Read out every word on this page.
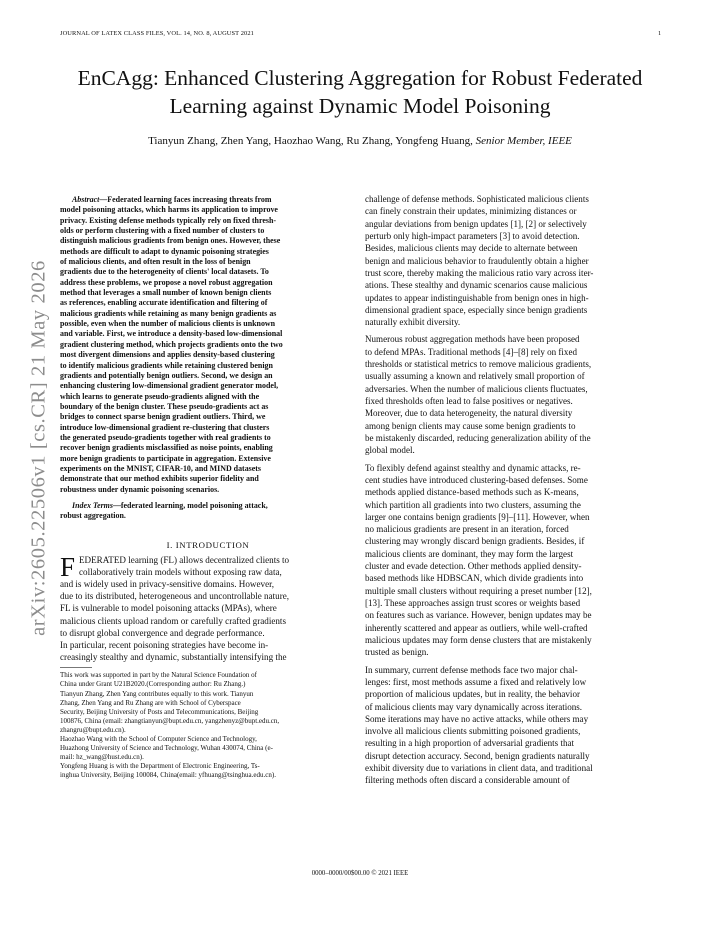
JOURNAL OF LATEX CLASS FILES, VOL. 14, NO. 8, AUGUST 2021	1
EnCAgg: Enhanced Clustering Aggregation for Robust Federated
Learning against Dynamic Model Poisoning
Tianyun Zhang, Zhen Yang, Haozhao Wang, Ru Zhang, Yongfeng Huang, Senior Member, IEEE
arXiv:2605.22506v1 [cs.CR] 21 May 2026
Abstract—Federated learning faces increasing threats from
model poisoning attacks, which harms its application to improve
privacy. Existing defense methods typically rely on fixed thresh-
olds or perform clustering with a fixed number of clusters to
distinguish malicious gradients from benign ones. However, these
methods are difficult to adapt to dynamic poisoning strategies
of malicious clients, and often result in the loss of benign
gradients due to the heterogeneity of clients' local datasets. To
address these problems, we propose a novel robust aggregation
method that leverages a small number of known benign clients
as references, enabling accurate identification and filtering of
malicious gradients while retaining as many benign gradients as
possible, even when the number of malicious clients is unknown
and variable. First, we introduce a density-based low-dimensional
gradient clustering method, which projects gradients onto the two
most divergent dimensions and applies density-based clustering
to identify malicious gradients while retaining clustered benign
gradients and potentially benign outliers. Second, we design an
enhancing clustering low-dimensional gradient generator model,
which learns to generate pseudo-gradients aligned with the
boundary of the benign cluster. These pseudo-gradients act as
bridges to connect sparse benign gradient outliers. Third, we
introduce low-dimensional gradient re-clustering that clusters
the generated pseudo-gradients together with real gradients to
recover benign gradients misclassified as noise points, enabling
more benign gradients to participate in aggregation. Extensive
experiments on the MNIST, CIFAR-10, and MIND datasets
demonstrate that our method exhibits superior fidelity and
robustness under dynamic poisoning scenarios.
Index Terms—federated learning, model poisoning attack,
robust aggregation.
I. INTRODUCTION
F EDERATED learning (FL) allows decentralized clients to
collaboratively train models without exposing raw data,
and is widely used in privacy-sensitive domains. However,
due to its distributed, heterogeneous and uncontrollable nature,
FL is vulnerable to model poisoning attacks (MPAs), where
malicious clients upload random or carefully crafted gradients
to disrupt global convergence and degrade performance.
In particular, recent poisoning strategies have become in-
creasingly stealthy and dynamic, substantially intensifying the
This work was supported in part by the Natural Science Foundation of
China under Grant U21B2020.(Corresponding author: Ru Zhang.)
Tianyun Zhang, Zhen Yang contributes equally to this work. Tianyun
Zhang, Zhen Yang and Ru Zhang are with School of Cyberspace
Security, Beijing University of Posts and Telecommunications, Beijing
100876, China (email: zhangtianyun@bupt.edu.cn, yangzhenyz@bupt.edu.cn,
zhangru@bupt.edu.cn).
Haozhao Wang with the School of Computer Science and Technology,
Huazhong University of Science and Technology, Wuhan 430074, China (e-
mail: hz_wang@hust.edu.cn).
Yongfeng Huang is with the Department of Electronic Engineering, Ts-
inghua University, Beijing 100084, China(email: yfhuang@tsinghua.edu.cn).
challenge of defense methods. Sophisticated malicious clients
can finely constrain their updates, minimizing distances or
angular deviations from benign updates [1], [2] or selectively
perturb only high-impact parameters [3] to avoid detection.
Besides, malicious clients may decide to alternate between
benign and malicious behavior to fraudulently obtain a higher
trust score, thereby making the malicious ratio vary across iter-
ations. These stealthy and dynamic scenarios cause malicious
updates to appear indistinguishable from benign ones in high-
dimensional gradient space, especially since benign gradients
naturally exhibit diversity.
Numerous robust aggregation methods have been proposed
to defend MPAs. Traditional methods [4]–[8] rely on fixed
thresholds or statistical metrics to remove malicious gradients,
usually assuming a known and relatively small proportion of
adversaries. When the number of malicious clients fluctuates,
fixed thresholds often lead to false positives or negatives.
Moreover, due to data heterogeneity, the natural diversity
among benign clients may cause some benign gradients to
be mistakenly discarded, reducing generalization ability of the
global model.
To flexibly defend against stealthy and dynamic attacks, re-
cent studies have introduced clustering-based defenses. Some
methods applied distance-based methods such as K-means,
which partition all gradients into two clusters, assuming the
larger one contains benign gradients [9]–[11]. However, when
no malicious gradients are present in an iteration, forced
clustering may wrongly discard benign gradients. Besides, if
malicious clients are dominant, they may form the largest
cluster and evade detection. Other methods applied density-
based methods like HDBSCAN, which divide gradients into
multiple small clusters without requiring a preset number [12],
[13]. These approaches assign trust scores or weights based
on features such as variance. However, benign updates may be
inherently scattered and appear as outliers, while well-crafted
malicious updates may form dense clusters that are mistakenly
trusted as benign.
In summary, current defense methods face two major chal-
lenges: first, most methods assume a fixed and relatively low
proportion of malicious updates, but in reality, the behavior
of malicious clients may vary dynamically across iterations.
Some iterations may have no active attacks, while others may
involve all malicious clients submitting poisoned gradients,
resulting in a high proportion of adversarial gradients that
disrupt detection accuracy. Second, benign gradients naturally
exhibit diversity due to variations in client data, and traditional
filtering methods often discard a considerable amount of
0000–0000/00$00.00 © 2021 IEEE
